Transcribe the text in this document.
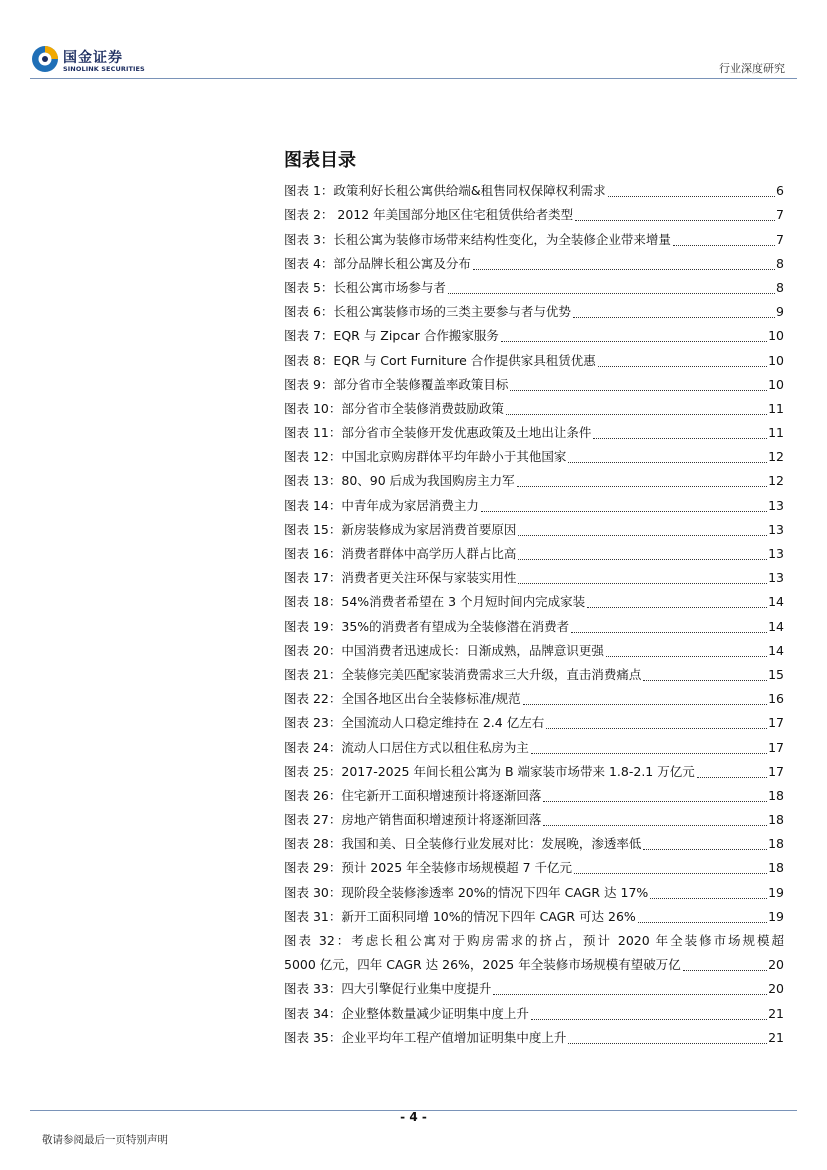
国金证券
SINOLINK SECURITIES	行业深度研究
图表目录
图表 1：政策利好长租公寓供给端&租售同权保障权利需求	6
图表 2： 2012 年美国部分地区住宅租赁供给者类型	7
图表 3：长租公寓为装修市场带来结构性变化，为全装修企业带来增量	7
图表 4：部分品牌长租公寓及分布	8
图表 5：长租公寓市场参与者	8
图表 6：长租公寓装修市场的三类主要参与者与优势	9
图表 7：EQR 与 Zipcar 合作搬家服务	10
图表 8：EQR 与 Cort Furniture 合作提供家具租赁优惠	10
图表 9：部分省市全装修覆盖率政策目标	10
图表 10：部分省市全装修消费鼓励政策	11
图表 11：部分省市全装修开发优惠政策及土地出让条件	11
图表 12：中国北京购房群体平均年龄小于其他国家	12
图表 13：80、90 后成为我国购房主力军	12
图表 14：中青年成为家居消费主力	13
图表 15：新房装修成为家居消费首要原因	13
图表 16：消费者群体中高学历人群占比高	13
图表 17：消费者更关注环保与家装实用性	13
图表 18：54%消费者希望在 3 个月短时间内完成家装	14
图表 19：35%的消费者有望成为全装修潜在消费者	14
图表 20：中国消费者迅速成长：日渐成熟，品牌意识更强	14
图表 21：全装修完美匹配家装消费需求三大升级，直击消费痛点	15
图表 22：全国各地区出台全装修标准/规范	16
图表 23：全国流动人口稳定维持在 2.4 亿左右	17
图表 24：流动人口居住方式以租住私房为主	17
图表 25：2017-2025 年间长租公寓为 B 端家装市场带来 1.8-2.1 万亿元	17
图表 26：住宅新开工面积增速预计将逐渐回落	18
图表 27：房地产销售面积增速预计将逐渐回落	18
图表 28：我国和美、日全装修行业发展对比：发展晚，渗透率低	18
图表 29：预计 2025 年全装修市场规模超 7 千亿元	18
图表 30：现阶段全装修渗透率 20%的情况下四年 CAGR 达 17%	19
图表 31：新开工面积同增 10%的情况下四年 CAGR 可达 26%	19
图表 32：考虑长租公寓对于购房需求的挤占，预计 2020 年全装修市场规模超
5000 亿元，四年 CAGR 达 26%，2025 年全装修市场规模有望破万亿	20
图表 33：四大引擎促行业集中度提升	20
图表 34：企业整体数量减少证明集中度上升	21
图表 35：企业平均年工程产值增加证明集中度上升	21
- 4 -
敬请参阅最后一页特别声明
